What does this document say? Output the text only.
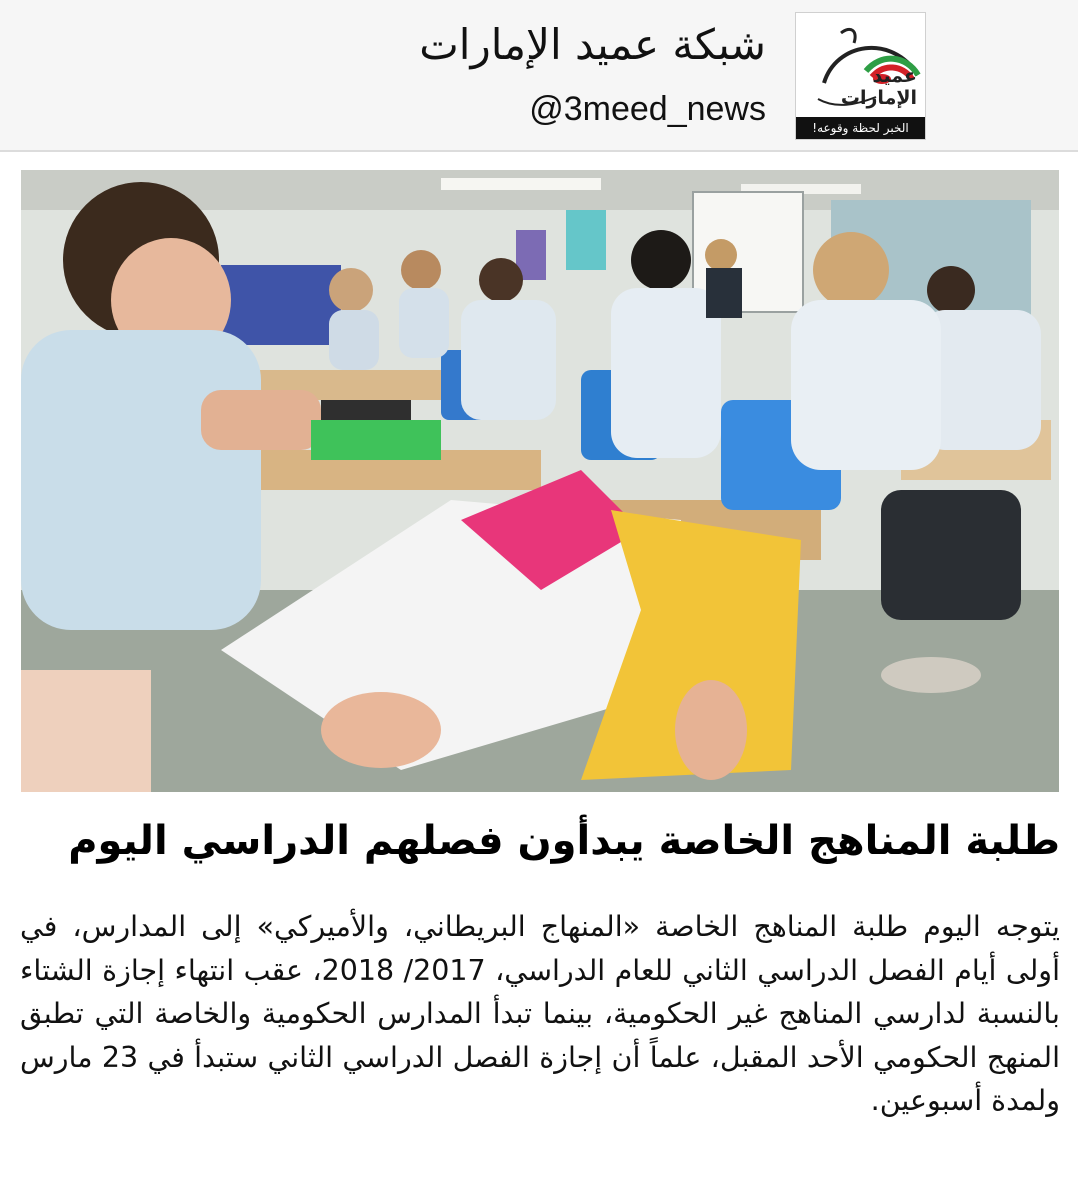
عميد الإمارات
الخبر لحظة وقوعه!
شبكة عميد الإمارات
@3meed_news
طلبة المناهج الخاصة يبدأون فصلهم الدراسي اليوم

يتوجه اليوم طلبة المناهج الخاصة «المنهاج البريطاني، والأميركي» إلى المدارس، في أولى أيام الفصل الدراسي الثاني للعام الدراسي، 2017/ 2018، عقب انتهاء إجازة الشتاء بالنسبة لدارسي المناهج غير الحكومية، بينما تبدأ المدارس الحكومية والخاصة التي تطبق المنهج الحكومي الأحد المقبل، علماً أن إجازة الفصل الدراسي الثاني ستبدأ في 23 مارس ولمدة أسبوعين.
